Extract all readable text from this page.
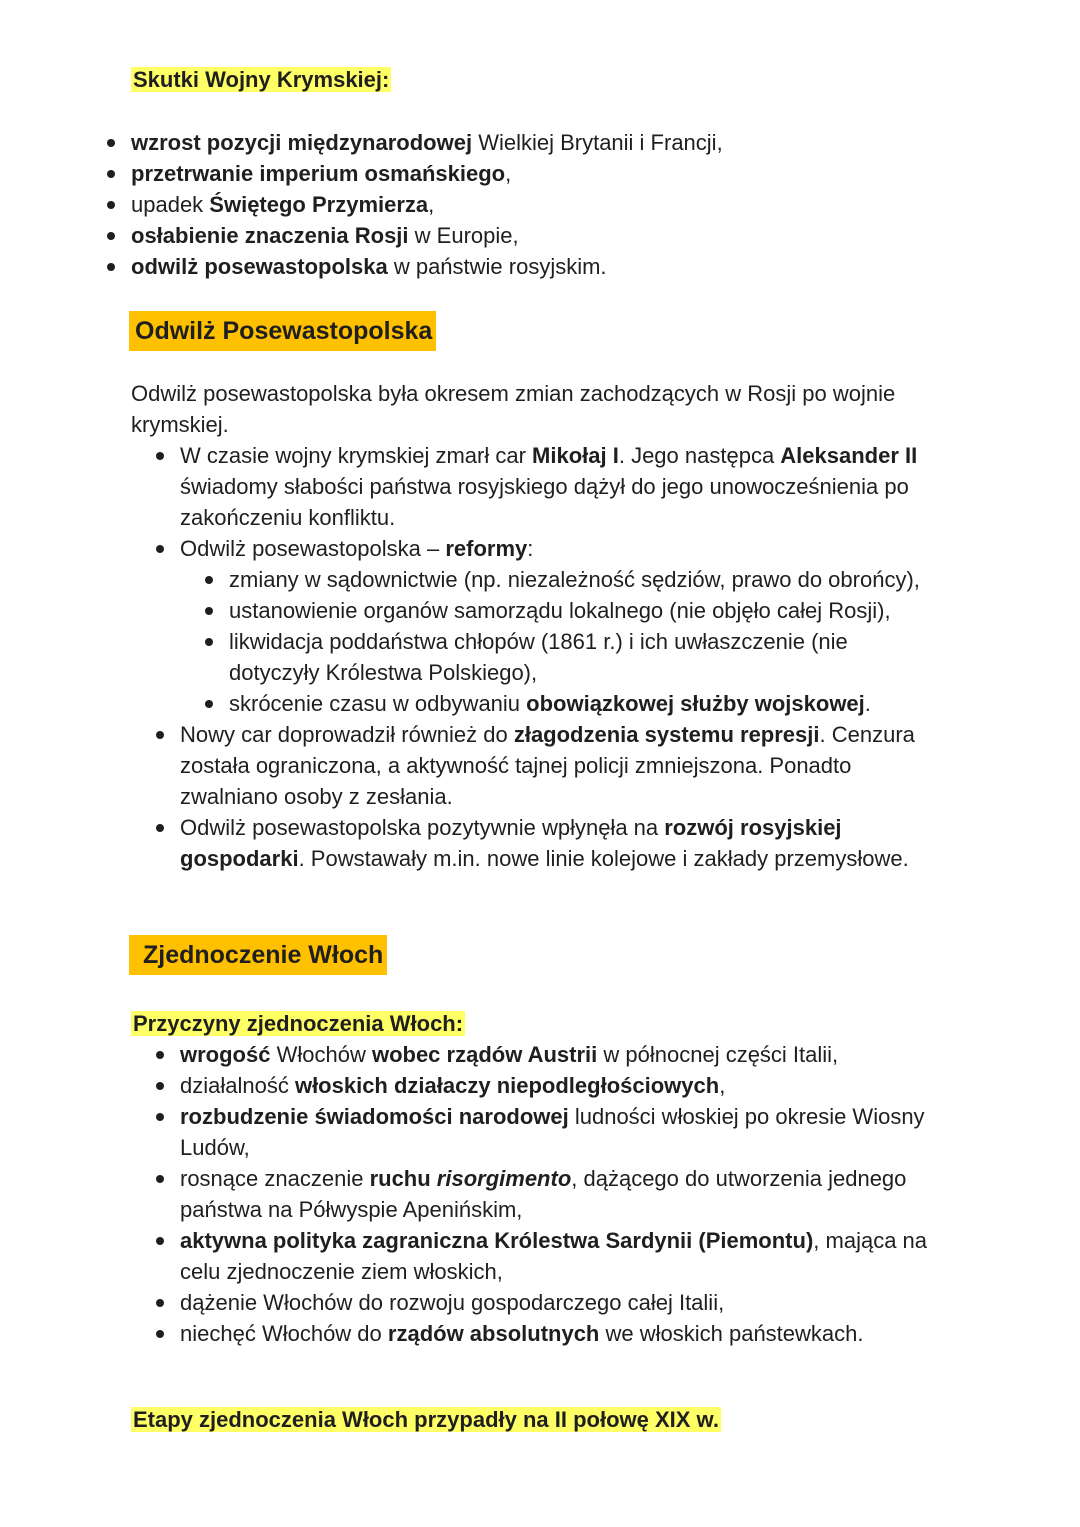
Skutki Wojny Krymskiej:
wzrost pozycji międzynarodowej Wielkiej Brytanii i Francji,
przetrwanie imperium osmańskiego,
upadek Świętego Przymierza,
osłabienie znaczenia Rosji w Europie,
odwilż posewastopolska w państwie rosyjskim.
Odwilż Posewastopolska
Odwilż posewastopolska była okresem zmian zachodzących w Rosji po wojnie krymskiej.
W czasie wojny krymskiej zmarł car Mikołaj I. Jego następca Aleksander II świadomy słabości państwa rosyjskiego dążył do jego unowocześnienia po zakończeniu konfliktu.
Odwilż posewastopolska – reformy:
zmiany w sądownictwie (np. niezależność sędziów, prawo do obrońcy),
ustanowienie organów samorządu lokalnego (nie objęło całej Rosji),
likwidacja poddaństwa chłopów (1861 r.) i ich uwłaszczenie (nie dotyczyły Królestwa Polskiego),
skrócenie czasu w odbywaniu obowiązkowej służby wojskowej.
Nowy car doprowadził również do złagodzenia systemu represji. Cenzura została ograniczona, a aktywność tajnej policji zmniejszona. Ponadto zwalniano osoby z zesłania.
Odwilż posewastopolska pozytywnie wpłynęła na rozwój rosyjskiej gospodarki. Powstawały m.in. nowe linie kolejowe i zakłady przemysłowe.
Zjednoczenie Włoch
Przyczyny zjednoczenia Włoch:
wrogość Włochów wobec rządów Austrii w północnej części Italii,
działalność włoskich działaczy niepodległościowych,
rozbudzenie świadomości narodowej ludności włoskiej po okresie Wiosny Ludów,
rosnące znaczenie ruchu risorgimento, dążącego do utworzenia jednego państwa na Półwyspie Apenińskim,
aktywna polityka zagraniczna Królestwa Sardynii (Piemontu), mająca na celu zjednoczenie ziem włoskich,
dążenie Włochów do rozwoju gospodarczego całej Italii,
niechęć Włochów do rządów absolutnych we włoskich państewkach.
Etapy zjednoczenia Włoch przypadły na II połowę XIX w.
